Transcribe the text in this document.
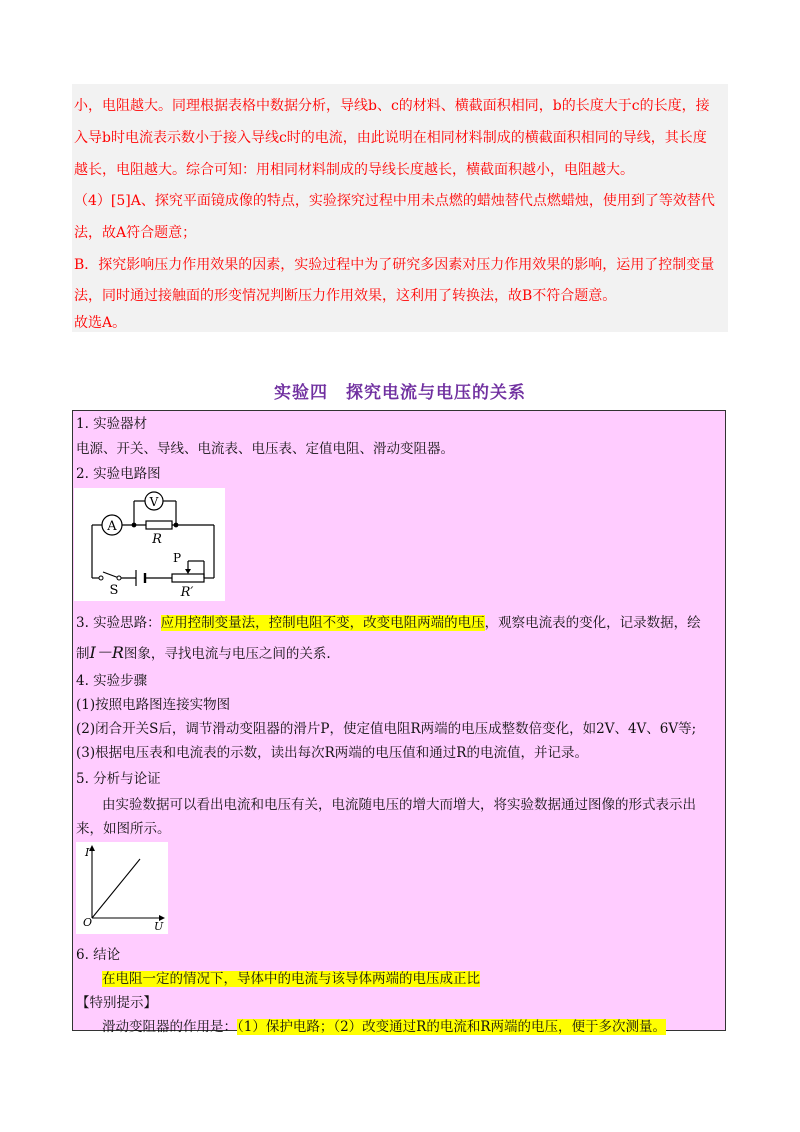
小，电阻越大。同理根据表格中数据分析，导线b、c的材料、横截面积相同，b的长度大于c的长度，接
入导b时电流表示数小于接入导线c时的电流，由此说明在相同材料制成的横截面积相同的导线，其长度
越长，电阻越大。综合可知：用相同材料制成的导线长度越长，横截面积越小，电阻越大。
（4）[5]A、探究平面镜成像的特点，实验探究过程中用未点燃的蜡烛替代点燃蜡烛，使用到了等效替代
法，故A符合题意；
B．探究影响压力作用效果的因素，实验过程中为了研究多因素对压力作用效果的影响，运用了控制变量
法，同时通过接触面的形变情况判断压力作用效果，这利用了转换法，故B不符合题意。
故选A。
实验四　探究电流与电压的关系
1. 实验器材
电源、开关、导线、电流表、电压表、定值电阻、滑动变阻器。
2. 实验电路图
A
V
R
P
R′
S
3. 实验思路：应用控制变量法，控制电阻不变，改变电阻两端的电压，观察电流表的变化，记录数据，绘
制I－R图象，寻找电流与电压之间的关系.
4. 实验步骤
(1)按照电路图连接实物图
(2)闭合开关S后，调节滑动变阻器的滑片P，使定值电阻R两端的电压成整数倍变化，如2V、4V、6V等;
(3)根据电压表和电流表的示数，读出每次R两端的电压值和通过R的电流值，并记录。
5. 分析与论证
由实验数据可以看出电流和电压有关，电流随电压的增大而增大，将实验数据通过图像的形式表示出
来，如图所示。
I
U
O
6. 结论
在电阻一定的情况下，导体中的电流与该导体两端的电压成正比
【特别提示】
滑动变阻器的作用是：（1）保护电路；（2）改变通过R的电流和R两端的电压，便于多次测量。
